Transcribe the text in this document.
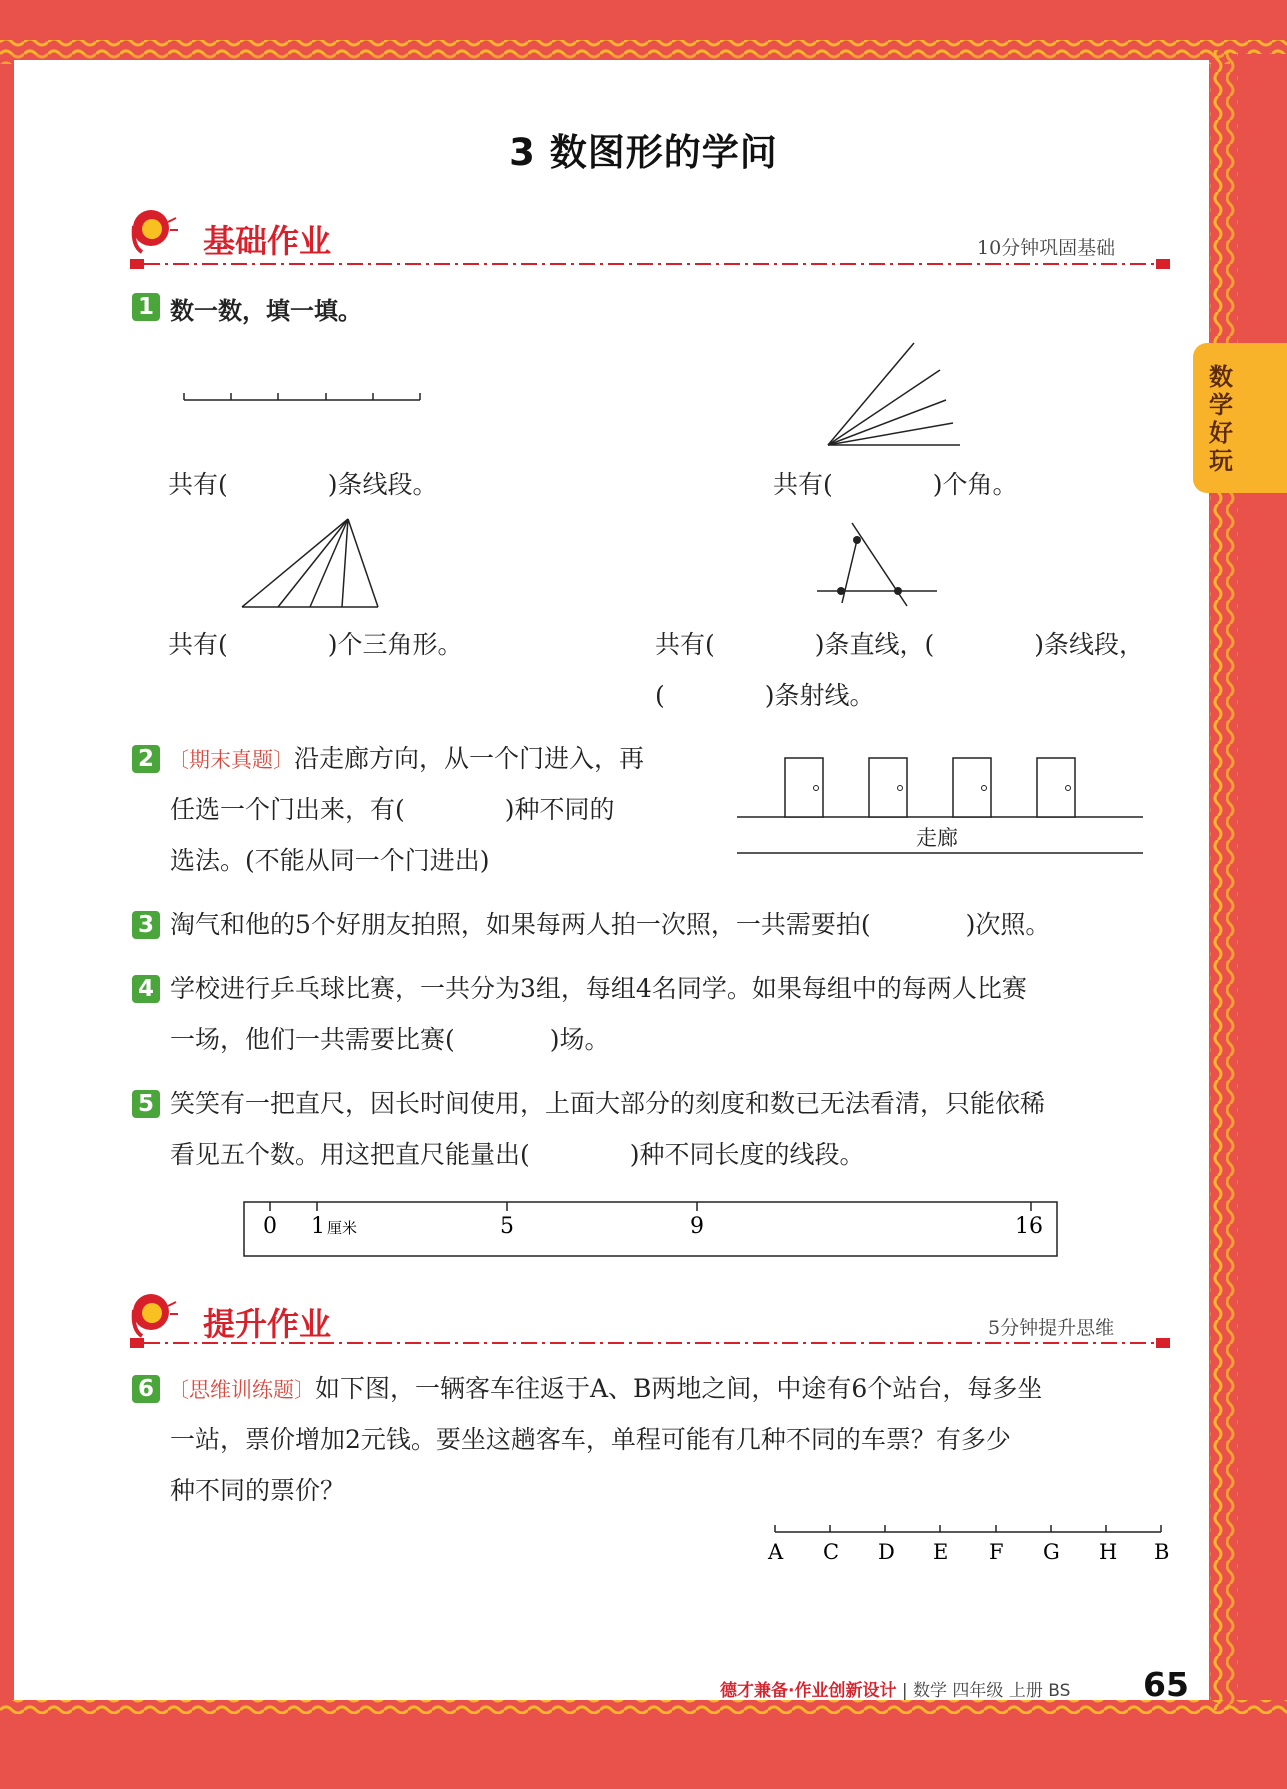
数学好玩
3 数图形的学问
基础作业	10分钟巩固基础
1 数一数，填一填。
共有(	)条线段。	共有(	)个角。
共有(	)个三角形。	共有(	)条直线，(	)条线段，
(	)条射线。
2 〔期末真题〕沿走廊方向，从一个门进入，再
任选一个门出来，有(	)种不同的
选法。(不能从同一个门进出)
走廊
3 淘气和他的5个好朋友拍照，如果每两人拍一次照，一共需要拍(	)次照。
4 学校进行乒乓球比赛，一共分为3组，每组4名同学。如果每组中的每两人比赛
一场，他们一共需要比赛(	)场。
5 笑笑有一把直尺，因长时间使用，上面大部分的刻度和数已无法看清，只能依稀
看见五个数。用这把直尺能量出(	)种不同长度的线段。
0 1 厘米	5	9	16
提升作业	5分钟提升思维
6 〔思维训练题〕如下图，一辆客车往返于A、B两地之间，中途有6个站台，每多坐
一站，票价增加2元钱。要坐这趟客车，单程可能有几种不同的车票？有多少
种不同的票价？
A C D E F G H B
德才兼备·作业创新设计 | 数学 四年级 上册 BS 65
